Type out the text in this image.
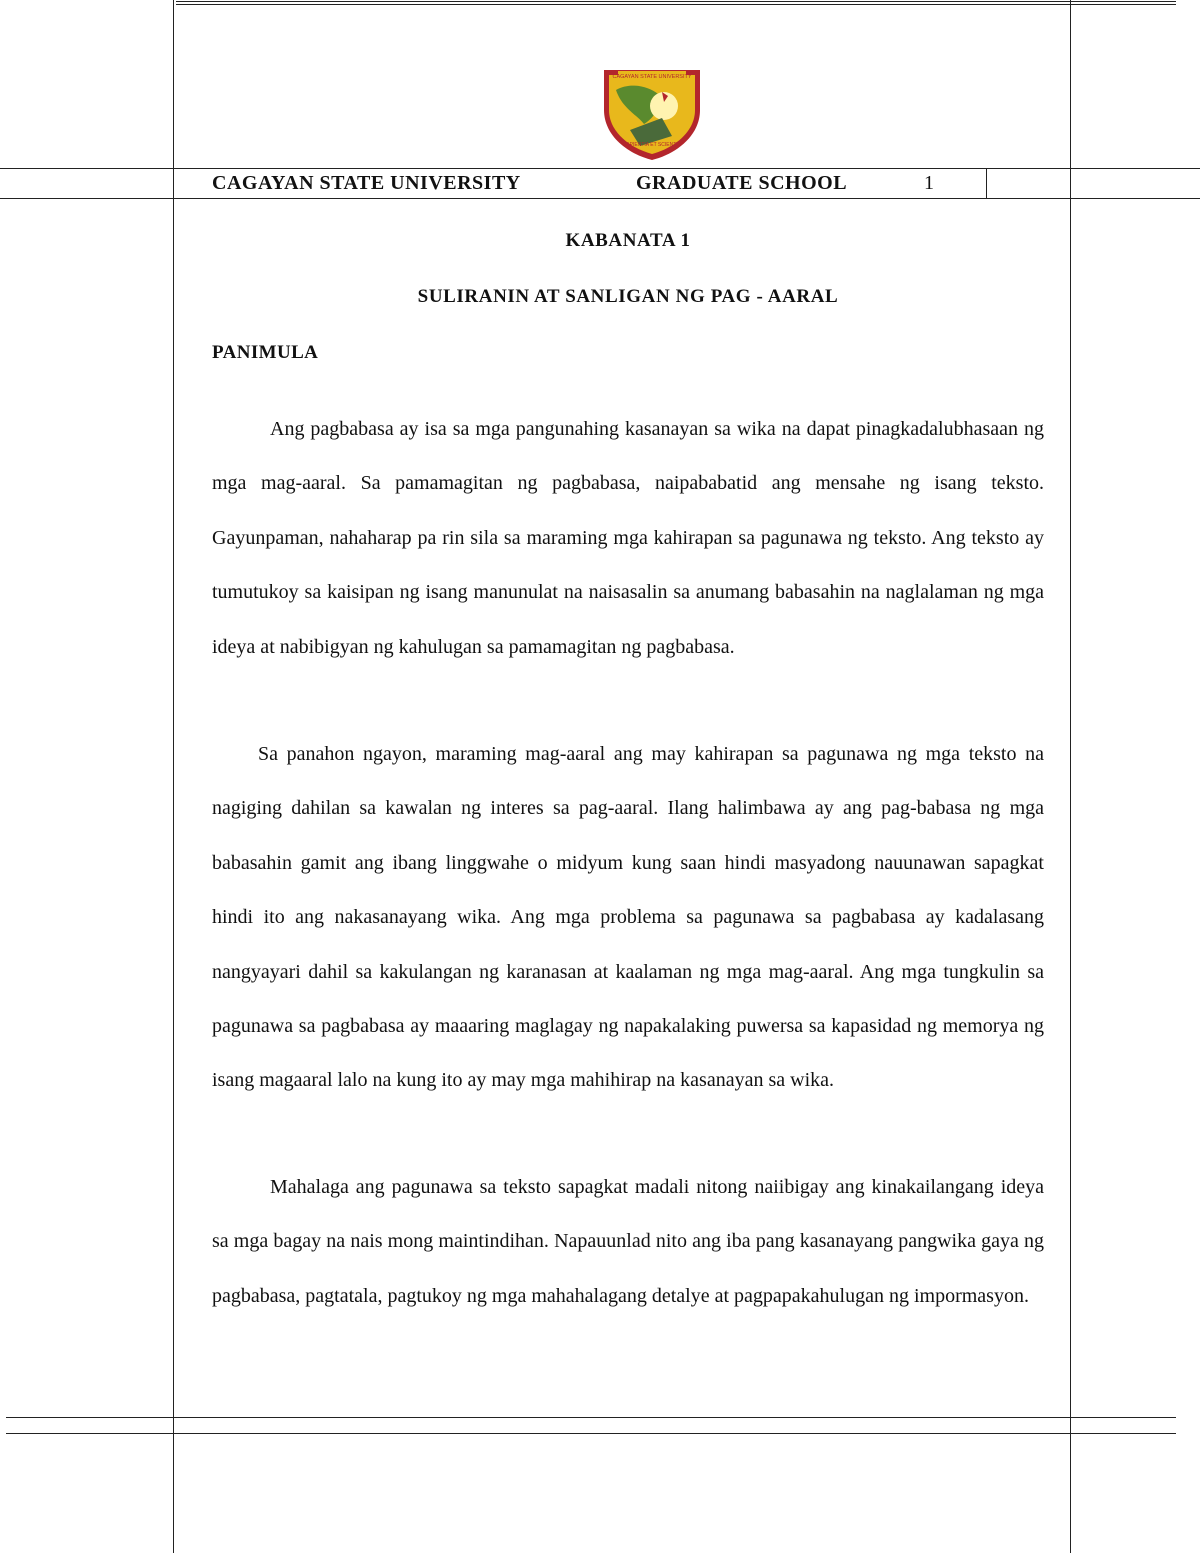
CAGAYAN STATE UNIVERSITY
SAPIENTIA ET SCIENTIA
CAGAYAN STATE UNIVERSITY	GRADUATE SCHOOL	1
KABANATA 1
SULIRANIN AT SANLIGAN NG PAG - AARAL
PANIMULA

Ang pagbabasa ay isa sa mga pangunahing kasanayan sa wika na dapat pinagkadalubhasaan ng mga mag-aaral. Sa pamamagitan ng pagbabasa, naipababatid ang mensahe ng isang teksto. Gayunpaman, nahaharap pa rin sila sa maraming mga kahirapan sa pagunawa ng teksto. Ang teksto ay tumutukoy sa kaisipan ng isang manunulat na naisasalin sa anumang babasahin na naglalaman ng mga ideya at nabibigyan ng kahulugan sa pamamagitan ng pagbabasa.

Sa panahon ngayon, maraming mag-aaral ang may kahirapan sa pagunawa ng mga teksto na nagiging dahilan sa kawalan ng interes sa pag-aaral. Ilang halimbawa ay ang pag-babasa ng mga babasahin gamit ang ibang linggwahe o midyum kung saan hindi masyadong nauunawan sapagkat hindi ito ang nakasanayang wika. Ang mga problema sa pagunawa sa pagbabasa ay kadalasang nangyayari dahil sa kakulangan ng karanasan at kaalaman ng mga mag-aaral. Ang mga tungkulin sa pagunawa sa pagbabasa ay maaaring maglagay ng napakalaking puwersa sa kapasidad ng memorya ng isang magaaral lalo na kung ito ay may mga mahihirap na kasanayan sa wika.

Mahalaga ang pagunawa sa teksto sapagkat madali nitong naiibigay ang kinakailangang ideya sa mga bagay na nais mong maintindihan. Napauunlad nito ang iba pang kasanayang pangwika gaya ng pagbabasa, pagtatala, pagtukoy ng mga mahahalagang detalye at pagpapakahulugan ng impormasyon.
